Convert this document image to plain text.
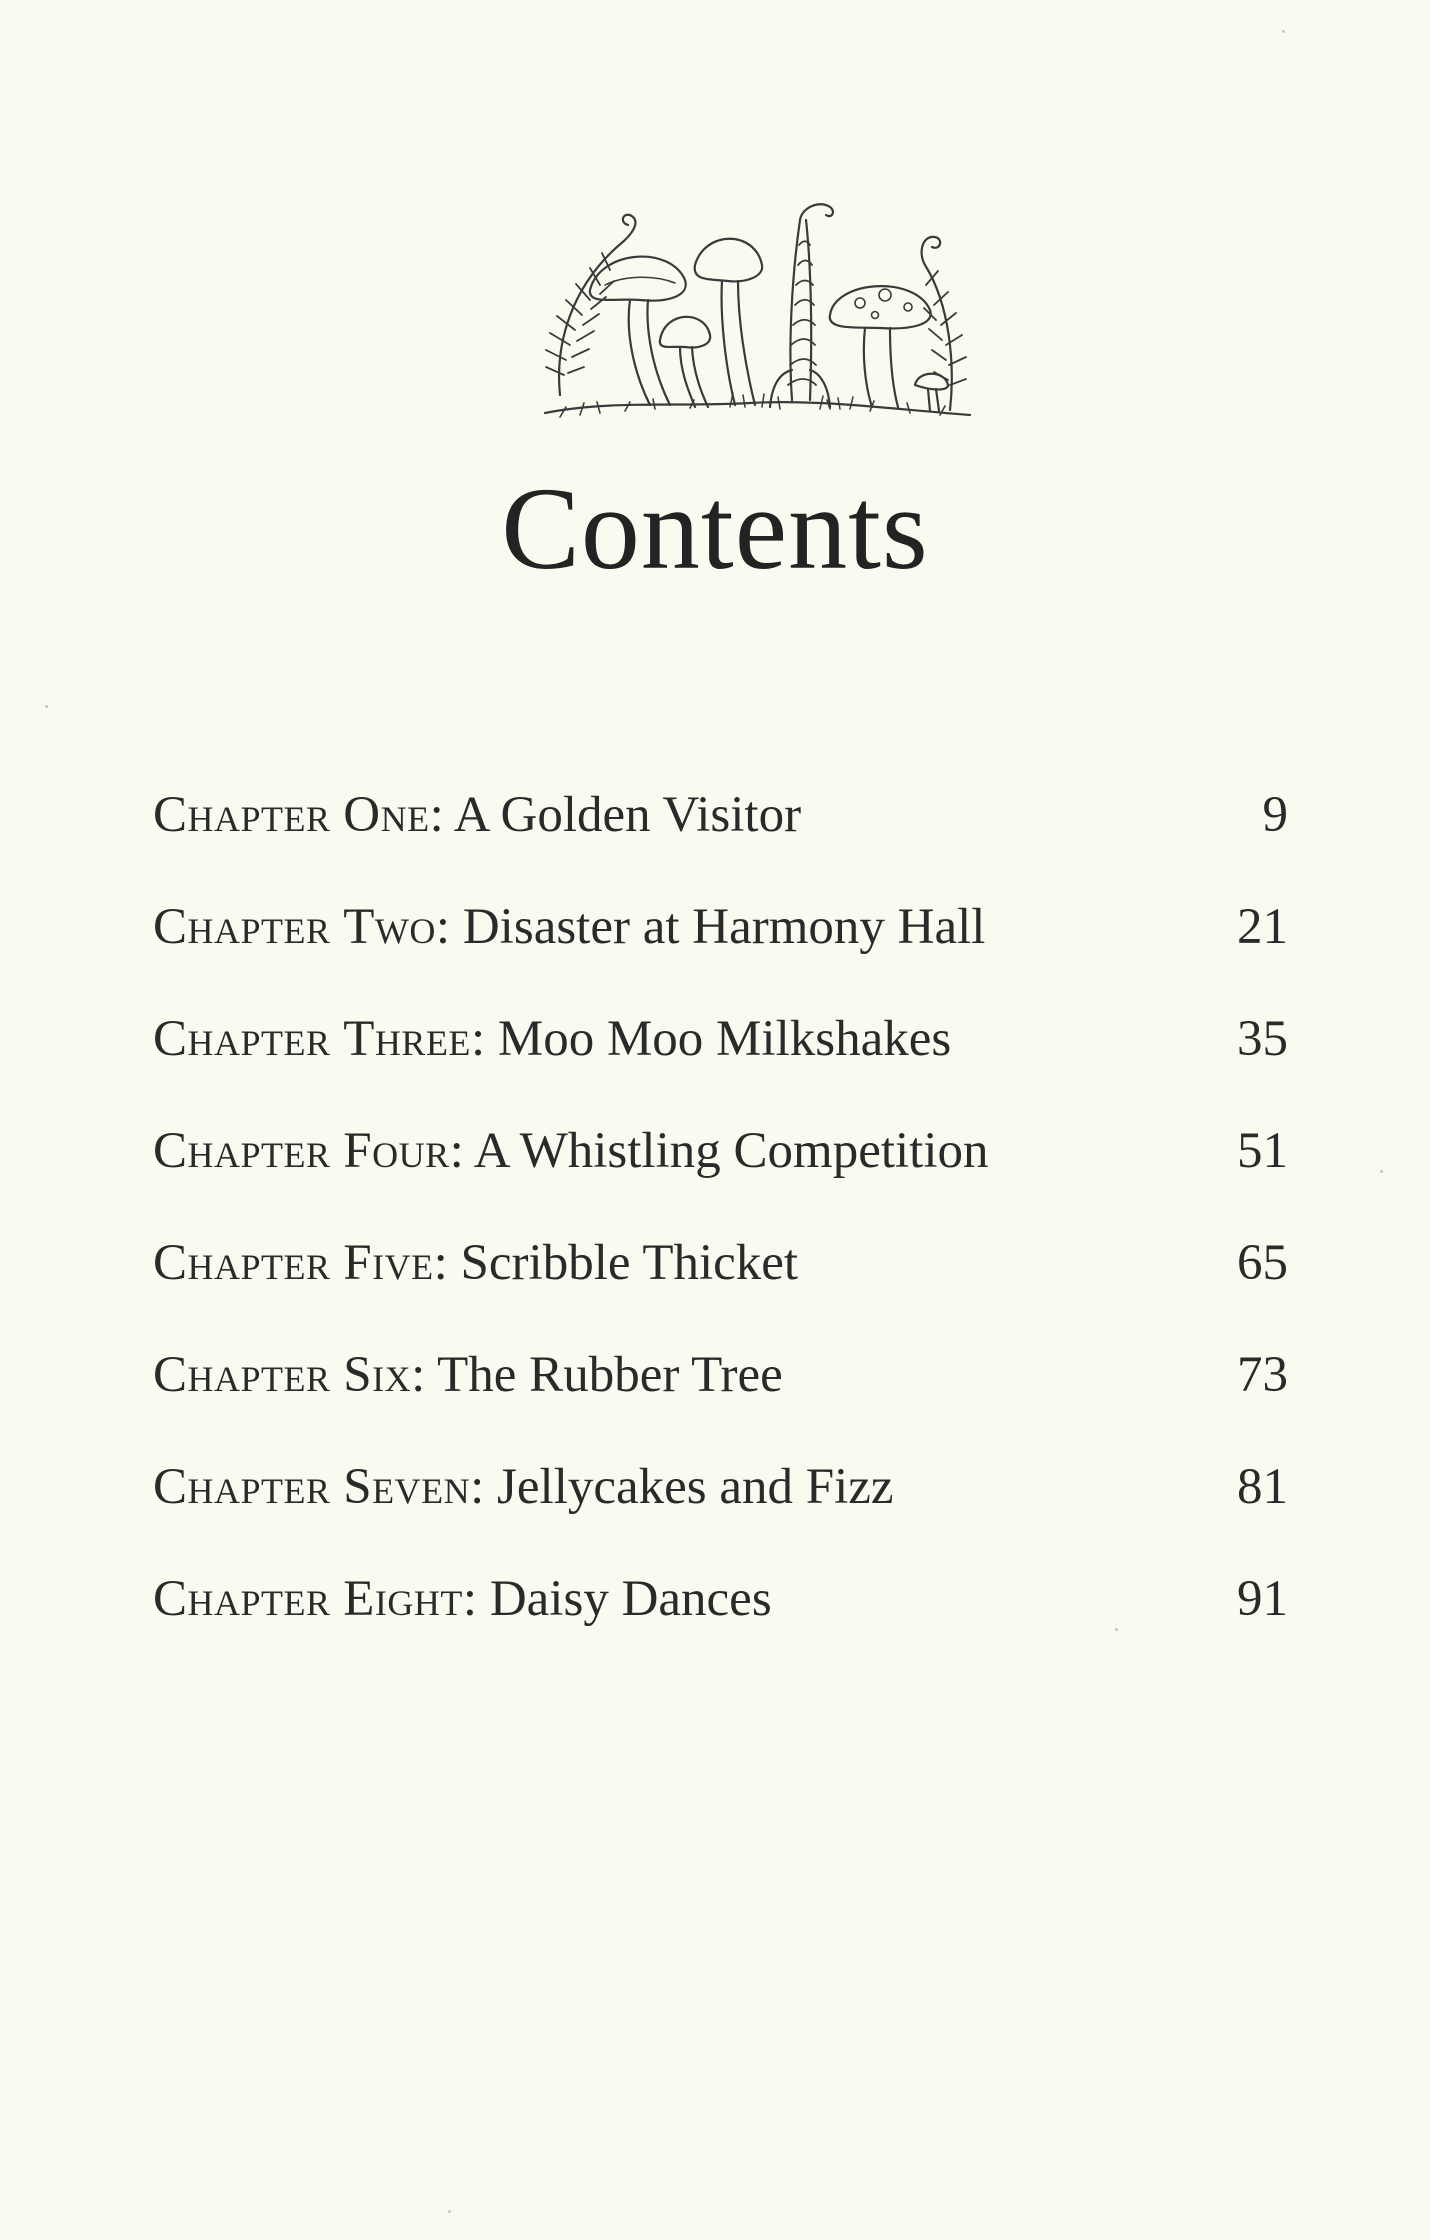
Contents
Chapter One: A Golden Visitor	9
Chapter Two: Disaster at Harmony Hall	21
Chapter Three: Moo Moo Milkshakes	35
Chapter Four: A Whistling Competition	51
Chapter Five: Scribble Thicket	65
Chapter Six: The Rubber Tree	73
Chapter Seven: Jellycakes and Fizz	81
Chapter Eight: Daisy Dances	91
